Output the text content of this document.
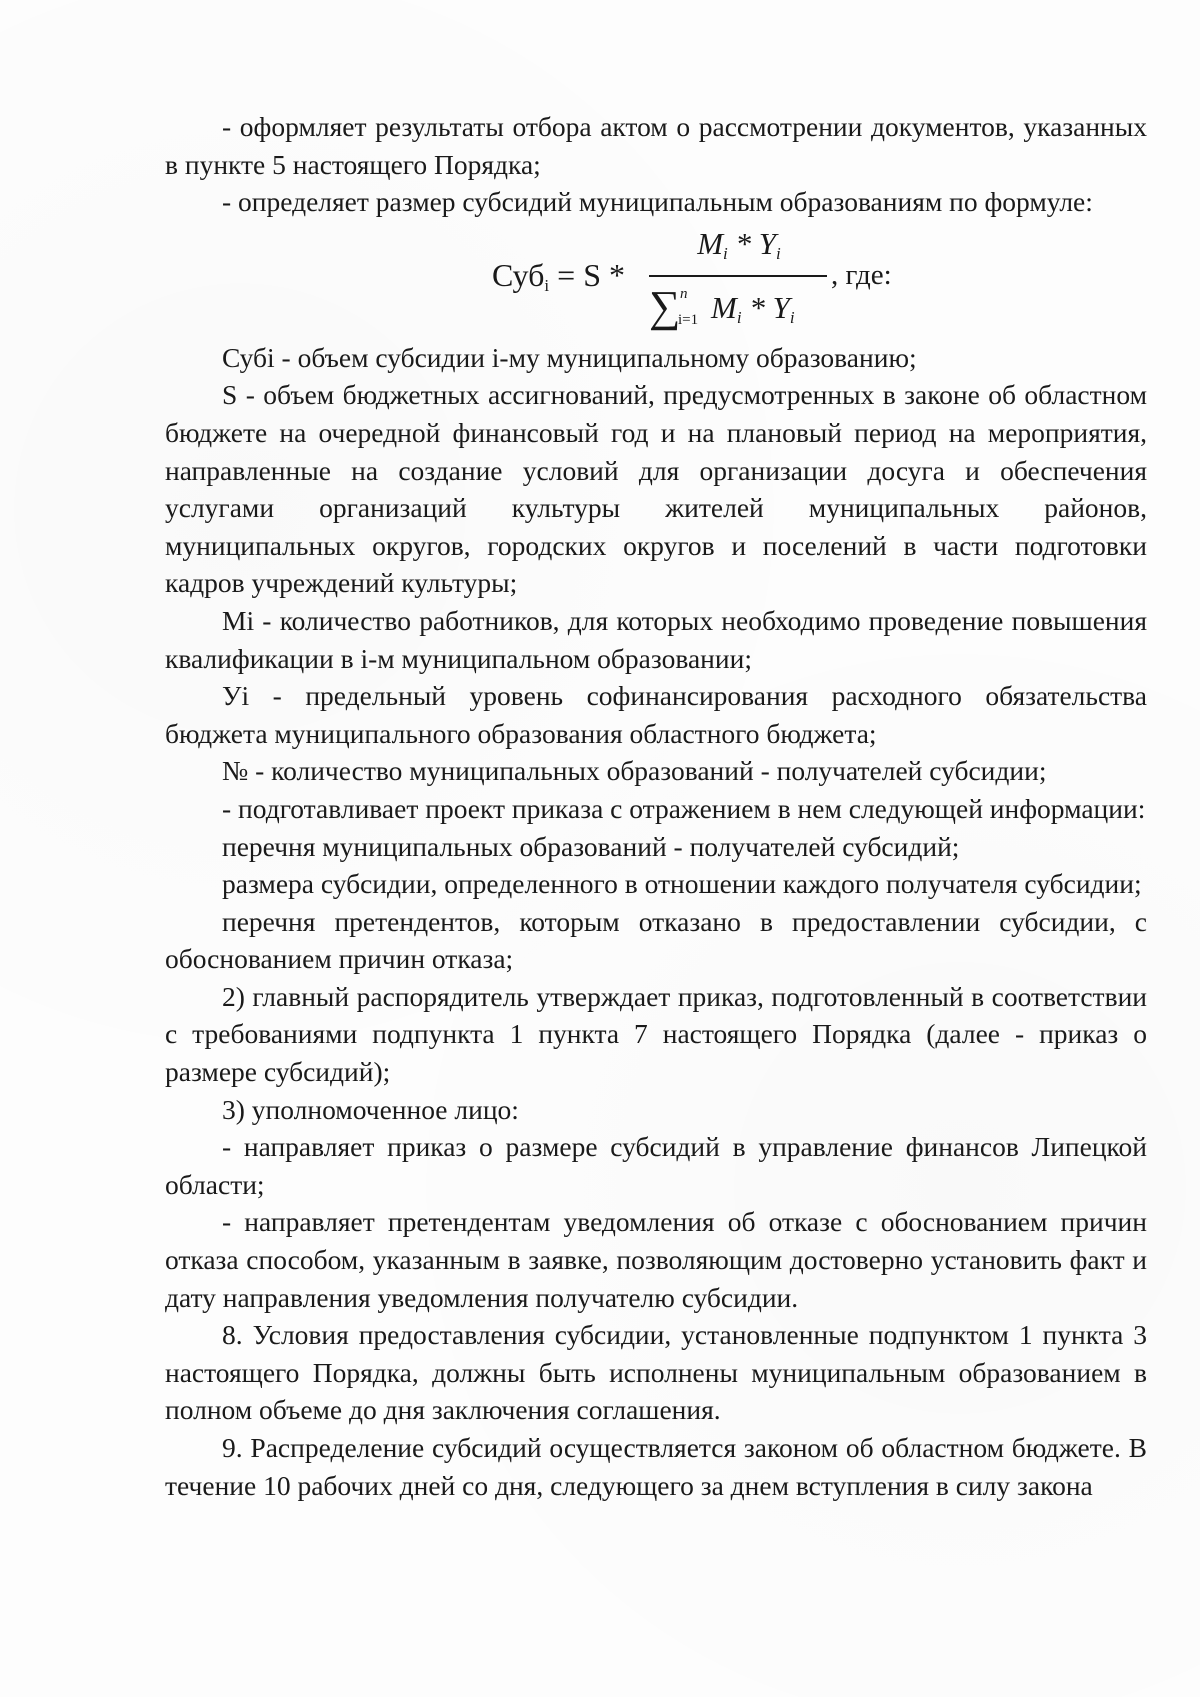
- оформляет результаты отбора актом о рассмотрении документов, указанных в пункте 5 настоящего Порядка;

- определяет размер субсидий муниципальным образованиям по формуле:

Суб$_i$ = S *
$M_i * Y_i$
∑ n
i=1 $M_i * Y_i$
, где:

Субi - объем субсидии i-му муниципальному образованию;

S - объем бюджетных ассигнований, предусмотренных в законе об областном бюджете на очередной финансовый год и на плановый период на мероприятия, направленные на создание условий для организации досуга и обеспечения услугами организаций культуры жителей муниципальных районов, муниципальных округов, городских округов и поселений в части подготовки кадров учреждений культуры;

Mi - количество работников, для которых необходимо проведение повышения квалификации в i-м муниципальном образовании;

Уi - предельный уровень софинансирования расходного обязательства бюджета муниципального образования областного бюджета;

№ - количество муниципальных образований - получателей субсидии;

- подготавливает проект приказа с отражением в нем следующей информации:

перечня муниципальных образований - получателей субсидий;

размера субсидии, определенного в отношении каждого получателя субсидии;

перечня претендентов, которым отказано в предоставлении субсидии, с обоснованием причин отказа;

2) главный распорядитель утверждает приказ, подготовленный в соответствии с требованиями подпункта 1 пункта 7 настоящего Порядка (далее - приказ о размере субсидий);

3) уполномоченное лицо:

- направляет приказ о размере субсидий в управление финансов Липецкой области;

- направляет претендентам уведомления об отказе с обоснованием причин отказа способом, указанным в заявке, позволяющим достоверно установить факт и дату направления уведомления получателю субсидии.

8. Условия предоставления субсидии, установленные подпунктом 1 пункта 3 настоящего Порядка, должны быть исполнены муниципальным образованием в полном объеме до дня заключения соглашения.

9. Распределение субсидий осуществляется законом об областном бюджете. В течение 10 рабочих дней со дня, следующего за днем вступления в силу закона
